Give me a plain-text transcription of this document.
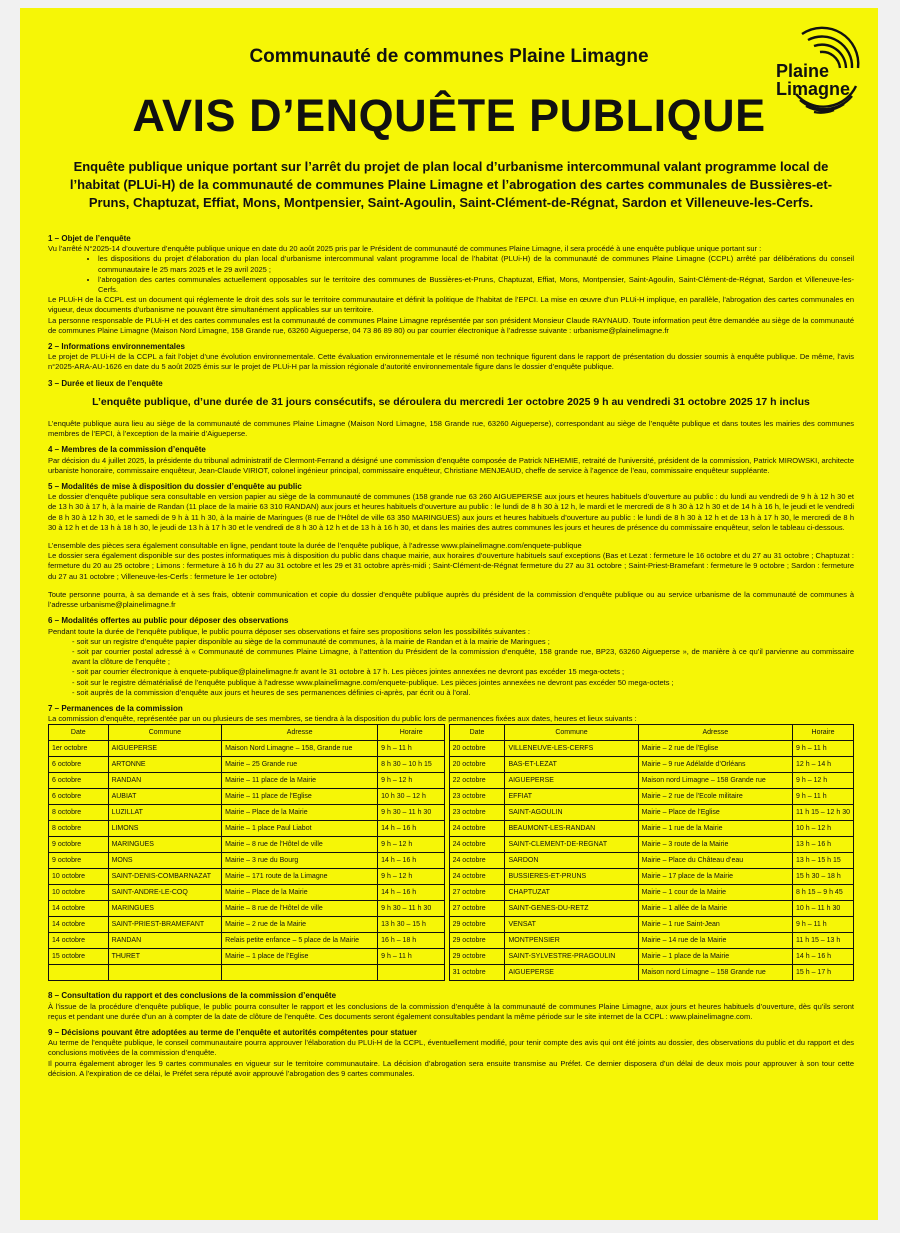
Communauté de communes Plaine Limagne
AVIS D’ENQUÊTE PUBLIQUE
Plaine
Limagne
Enquête publique unique portant sur l’arrêt du projet de plan local d’urbanisme intercommunal valant programme local de l’habitat (PLUi-H) de la communauté de communes Plaine Limagne et l’abrogation des cartes communales de Bussières-et-Pruns, Chaptuzat, Effiat, Mons, Montpensier, Saint-Agoulin, Saint-Clément-de-Régnat, Sardon et Villeneuve-les-Cerfs.
1 – Objet de l’enquête

Vu l’arrêté N°2025-14 d’ouverture d’enquête publique unique en date du 20 août 2025 pris par le Président de communauté de communes Plaine Limagne, il sera procédé à une enquête publique unique portant sur :

• les dispositions du projet d’élaboration du plan local d’urbanisme intercommunal valant programme local de l’habitat (PLUi-H) de la communauté de communes Plaine Limagne (CCPL) arrêté par délibérations du conseil communautaire le 25 mars 2025 et le 29 avril 2025 ;
• l’abrogation des cartes communales actuellement opposables sur le territoire des communes de Bussières-et-Pruns, Chaptuzat, Effiat, Mons, Montpensier, Saint-Agoulin, Saint-Clément-de-Régnat, Sardon et Villeneuve-les-Cerfs.

Le PLUi-H de la CCPL est un document qui réglemente le droit des sols sur le territoire communautaire et définit la politique de l’habitat de l’EPCI. La mise en œuvre d’un PLUi-H implique, en parallèle, l’abrogation des cartes communales en vigueur, deux documents d’urbanisme ne pouvant être simultanément applicables sur un territoire.

La personne responsable de PLUi-H et des cartes communales est la communauté de communes Plaine Limagne représentée par son président Monsieur Claude RAYNAUD. Toute information peut être demandée au siège de la communauté de communes Plaine Limagne (Maison Nord Limagne, 158 Grande rue, 63260 Aigueperse, 04 73 86 89 80) ou par courrier électronique à l’adresse suivante : urbanisme@plainelimagne.fr

2 – Informations environnementales

Le projet de PLUi-H de la CCPL a fait l’objet d’une évolution environnementale. Cette évaluation environnementale et le résumé non technique figurent dans le rapport de présentation du dossier soumis à enquête publique. De même, l’avis n°2025-ARA-AU-1626 en date du 5 août 2025 émis sur le projet de PLUi-H par la mission régionale d’autorité environnementale figure dans le dossier d’enquête publique.

3 – Durée et lieux de l’enquête
L’enquête publique, d’une durée de 31 jours consécutifs, se déroulera du mercredi 1er octobre 2025 9 h au vendredi 31 octobre 2025 17 h inclus

L’enquête publique aura lieu au siège de la communauté de communes Plaine Limagne (Maison Nord Limagne, 158 Grande rue, 63260 Aigueperse), correspondant au siège de l’enquête publique et dans toutes les mairies des communes membres de l’EPCI, à l’exception de la mairie d’Aigueperse.

4 – Membres de la commission d’enquête

Par décision du 4 juillet 2025, la présidente du tribunal administratif de Clermont-Ferrand a désigné une commission d’enquête composée de Patrick NEHEMIE, retraité de l’université, président de la commission, Patrick MIROWSKI, architecte urbaniste honoraire, commissaire enquêteur, Jean-Claude VIRIOT, colonel ingénieur principal, commissaire enquêteur, Christiane MENJEAUD, cheffe de service à l’agence de l’eau, commissaire enquêteur suppléante.

5 – Modalités de mise à disposition du dossier d’enquête au public

Le dossier d’enquête publique sera consultable en version papier au siège de la communauté de communes (158 grande rue 63 260 AIGUEPERSE aux jours et heures habituels d’ouverture au public : du lundi au vendredi de 9 h à 12 h 30 et de 13 h 30 à 17 h, à la mairie de Randan (11 place de la mairie 63 310 RANDAN) aux jours et heures habituels d’ouverture au public : le lundi de 8 h 30 à 12 h, le mardi et le mercredi de 8 h 30 à 12 h 30 et de 14 h à 16 h, le jeudi et le vendredi de 8 h 30 à 12 h 30, et le samedi de 9 h à 11 h 30, à la mairie de Maringues (8 rue de l’Hôtel de ville 63 350 MARINGUES) aux jours et heures habituels d’ouverture au public : le lundi de 8 h 30 à 12 h et de 13 h à 17 h 30, le mercredi de 8 h 30 à 12 h et de 13 h à 18 h 30, le jeudi de 13 h à 17 h 30 et le vendredi de 8 h 30 à 12 h et de 13 h à 16 h 30, et dans les mairies des autres communes les jours et heures de présence du commissaire enquêteur, selon le tableau ci-dessous.

L’ensemble des pièces sera également consultable en ligne, pendant toute la durée de l’enquête publique, à l’adresse www.plainelimagne.com/enquete-publique

Le dossier sera également disponible sur des postes informatiques mis à disposition du public dans chaque mairie, aux horaires d’ouverture habituels sauf exceptions (Bas et Lezat : fermeture le 16 octobre et du 27 au 31 octobre ; Chaptuzat : fermeture du 20 au 25 octobre ; Limons : fermeture à 16 h du 27 au 31 octobre et les 29 et 31 octobre après-midi ; Saint-Clément-de-Régnat fermeture du 27 au 31 octobre ; Saint-Priest-Bramefant : fermeture le 9 octobre ; Sardon : fermeture du 27 au 31 octobre ; Villeneuve-les-Cerfs : fermeture le 1er octobre)

Toute personne pourra, à sa demande et à ses frais, obtenir communication et copie du dossier d’enquête publique auprès du président de la commission d’enquête publique ou au service urbanisme de la communauté de communes à l’adresse urbanisme@plainelimagne.fr

6 – Modalités offertes au public pour déposer des observations

Pendant toute la durée de l’enquête publique, le public pourra déposer ses observations et faire ses propositions selon les possibilités suivantes :

- soit sur un registre d’enquête papier disponible au siège de la communauté de communes, à la mairie de Randan et à la mairie de Maringues ;
- soit par courrier postal adressé à « Communauté de communes Plaine Limagne, à l’attention du Président de la commission d’enquête, 158 grande rue, BP23, 63260 Aigueperse », de manière à ce qu’il parvienne au commissaire avant la clôture de l’enquête ;
- soit par courrier électronique à enquete-publique@plainelimagne.fr avant le 31 octobre à 17 h. Les pièces jointes annexées ne devront pas excéder 15 mega-octets ;
- soit sur le registre dématérialisé de l’enquête publique à l’adresse www.plainelimagne.com/enquete-publique. Les pièces jointes annexées ne devront pas excéder 50 mega-octets ;
- soit auprès de la commission d’enquête aux jours et heures de ses permanences définies ci-après, par écrit ou à l’oral.
7 – Permanences de la commission

La commission d’enquête, représentée par un ou plusieurs de ses membres, se tiendra à la disposition du public lors de permanences fixées aux dates, heures et lieux suivants :

Date	Commune	Adresse	Horaire		Date	Commune	Adresse	Horaire
1er octobre	AIGUEPERSE	Maison Nord Limagne – 158, Grande rue	9 h – 11 h		20 octobre	VILLENEUVE-LES-CERFS	Mairie – 2 rue de l’Eglise	9 h – 11 h
6 octobre	ARTONNE	Mairie – 25 Grande rue	8 h 30 – 10 h 15		20 octobre	BAS-ET-LEZAT	Mairie – 9 rue Adélaïde d’Orléans	12 h – 14 h
6 octobre	RANDAN	Mairie – 11 place de la Mairie	9 h – 12 h		22 octobre	AIGUEPERSE	Maison nord Limagne – 158 Grande rue	9 h – 12 h
6 octobre	AUBIAT	Mairie – 11 place de l’Eglise	10 h 30 – 12 h		23 octobre	EFFIAT	Mairie – 2 rue de l’Ecole militaire	9 h – 11 h
8 octobre	LUZILLAT	Mairie – Place de la Mairie	9 h 30 – 11 h 30		23 octobre	SAINT-AGOULIN	Mairie – Place de l’Eglise	11 h 15 – 12 h 30
8 octobre	LIMONS	Mairie – 1 place Paul Liabot	14 h – 16 h		24 octobre	BEAUMONT-LES-RANDAN	Mairie – 1 rue de la Mairie	10 h – 12 h
9 octobre	MARINGUES	Mairie – 8 rue de l’Hôtel de ville	9 h – 12 h		24 octobre	SAINT-CLEMENT-DE-REGNAT	Mairie – 3 route de la Mairie	13 h – 16 h
9 octobre	MONS	Mairie – 3 rue du Bourg	14 h – 16 h		24 octobre	SARDON	Mairie – Place du Château d’eau	13 h – 15 h 15
10 octobre	SAINT-DENIS-COMBARNAZAT	Mairie – 171 route de la Limagne	9 h – 12 h		24 octobre	BUSSIERES-ET-PRUNS	Mairie – 17 place de la Mairie	15 h 30 – 18 h
10 octobre	SAINT-ANDRE-LE-COQ	Mairie – Place de la Mairie	14 h – 16 h		27 octobre	CHAPTUZAT	Mairie – 1 cour de la Mairie	8 h 15 – 9 h 45
14 octobre	MARINGUES	Mairie – 8 rue de l’Hôtel de ville	9 h 30 – 11 h 30		27 octobre	SAINT-GENES-DU-RETZ	Mairie – 1 allée de la Mairie	10 h – 11 h 30
14 octobre	SAINT-PRIEST-BRAMEFANT	Mairie – 2 rue de la Mairie	13 h 30 – 15 h		29 octobre	VENSAT	Mairie – 1 rue Saint-Jean	9 h – 11 h
14 octobre	RANDAN	Relais petite enfance – 5 place de la Mairie	16 h – 18 h		29 octobre	MONTPENSIER	Mairie – 14 rue de la Mairie	11 h 15 – 13 h
15 octobre	THURET	Mairie – 1 place de l’Eglise	9 h – 11 h		29 octobre	SAINT-SYLVESTRE-PRAGOULIN	Mairie – 1 place de la Mairie	14 h – 16 h
					31 octobre	AIGUEPERSE	Maison nord Limagne – 158 Grande rue	15 h – 17 h
8 – Consultation du rapport et des conclusions de la commission d’enquête

À l’issue de la procédure d’enquête publique, le public pourra consulter le rapport et les conclusions de la commission d’enquête à la communauté de communes Plaine Limagne, aux jours et heures habituels d’ouverture, dès qu’ils seront reçus et pendant une durée d’un an à compter de la date de clôture de l’enquête. Ces documents seront également consultables pendant la même période sur le site internet de la CCPL : www.plainelimagne.com.

9 – Décisions pouvant être adoptées au terme de l’enquête et autorités compétentes pour statuer

Au terme de l’enquête publique, le conseil communautaire pourra approuver l’élaboration du PLUi-H de la CCPL, éventuellement modifié, pour tenir compte des avis qui ont été joints au dossier, des observations du public et du rapport et des conclusions motivées de la commission d’enquête.

Il pourra également abroger les 9 cartes communales en vigueur sur le territoire communautaire. La décision d’abrogation sera ensuite transmise au Préfet. Ce dernier disposera d’un délai de deux mois pour approuver à son tour cette décision. A l’expiration de ce délai, le Préfet sera réputé avoir approuvé l’abrogation des 9 cartes communales.
